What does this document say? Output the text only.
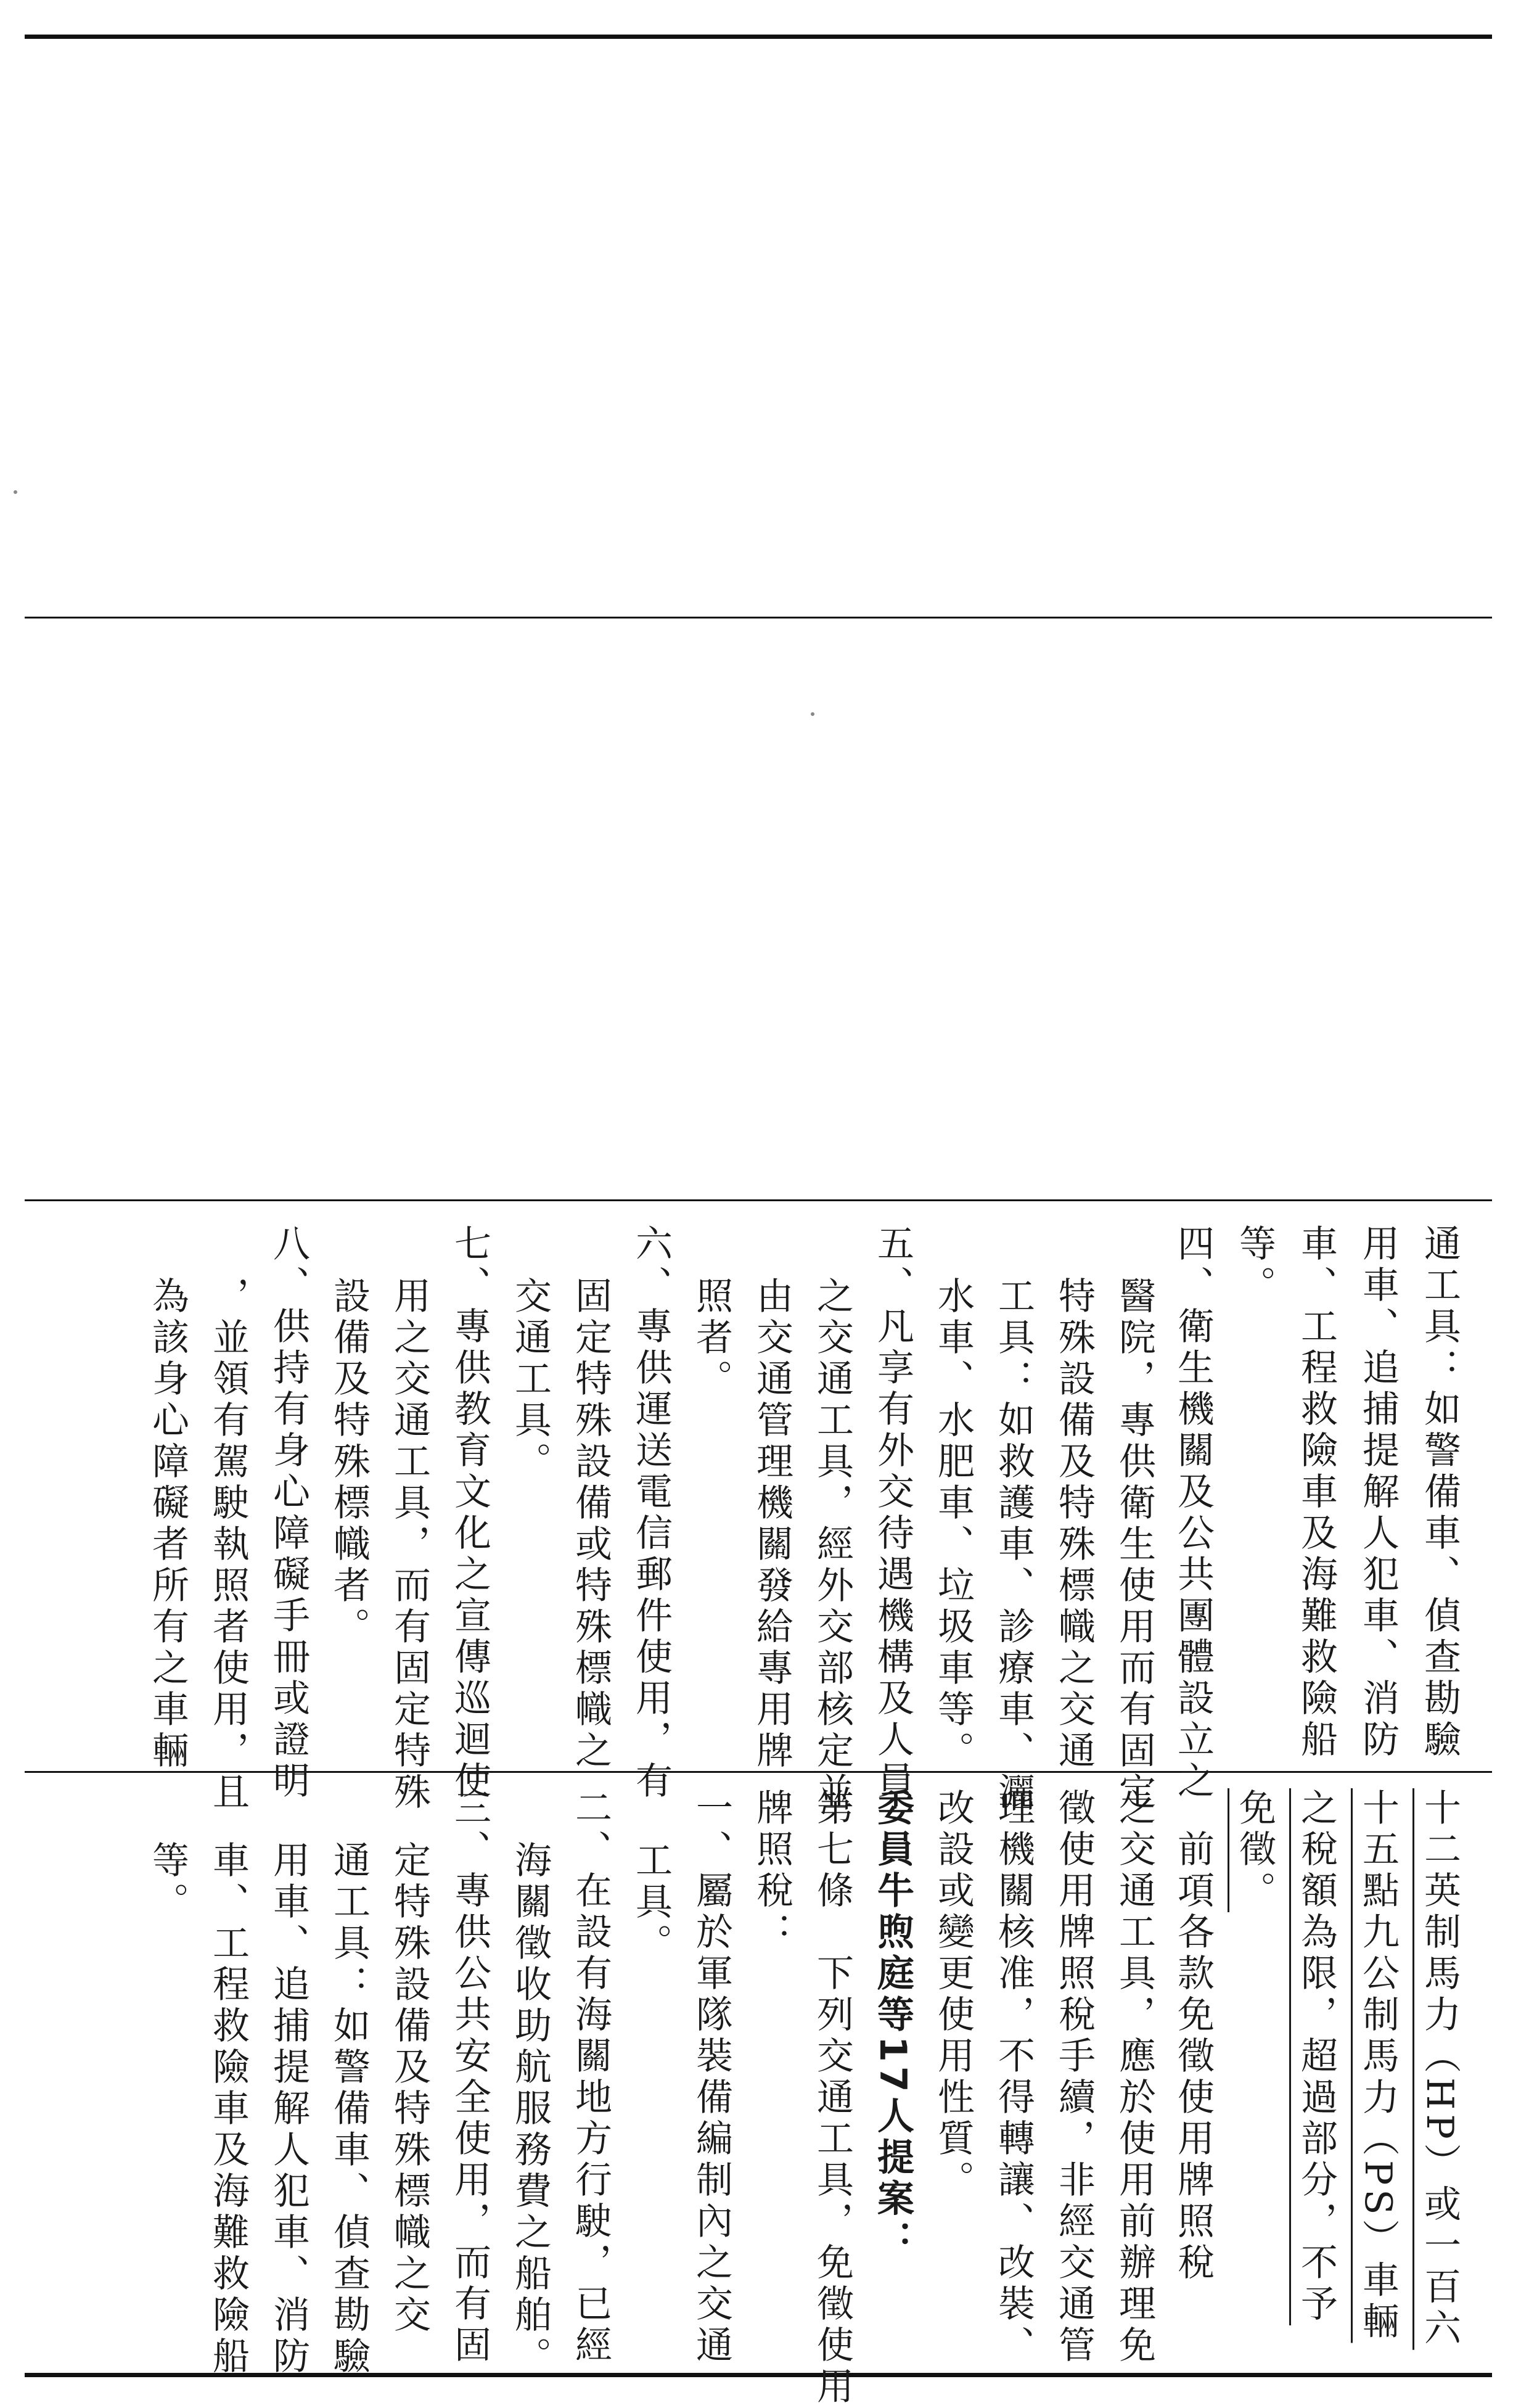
通工具：如警備車、偵查勘驗
用車、追捕提解人犯車、消防
車、工程救險車及海難救險船
等。
四、衛生機關及公共團體設立之
醫院，專供衛生使用而有固定
特殊設備及特殊標幟之交通
工具：如救護車、診療車、灑
水車、水肥車、垃圾車等。
五、凡享有外交待遇機構及人員
之交通工具，經外交部核定並
由交通管理機關發給專用牌
照者。
六、專供運送電信郵件使用，有
固定特殊設備或特殊標幟之
交通工具。
七、專供教育文化之宣傳巡迴使
用之交通工具，而有固定特殊
設備及特殊標幟者。
八、供持有身心障礙手冊或證明
，並領有駕駛執照者使用，且
為該身心障礙者所有之車輛
十二英制馬力（HP）或一百六
十五點九公制馬力（PS）車輛
之稅額為限，超過部分，不予
免徵。
　前項各款免徵使用牌照稅
之交通工具，應於使用前辦理免
徵使用牌照稅手續，非經交通管
理機關核准，不得轉讓、改裝、
改設或變更使用性質。
委員牛煦庭等17人提案：
第七條　下列交通工具，免徵使用
牌照稅：
一、屬於軍隊裝備編制內之交通
工具。
二、在設有海關地方行駛，已經
海關徵收助航服務費之船舶。
三、專供公共安全使用，而有固
定特殊設備及特殊標幟之交
通工具：如警備車、偵查勘驗
用車、追捕提解人犯車、消防
車、工程救險車及海難救險船
等。
